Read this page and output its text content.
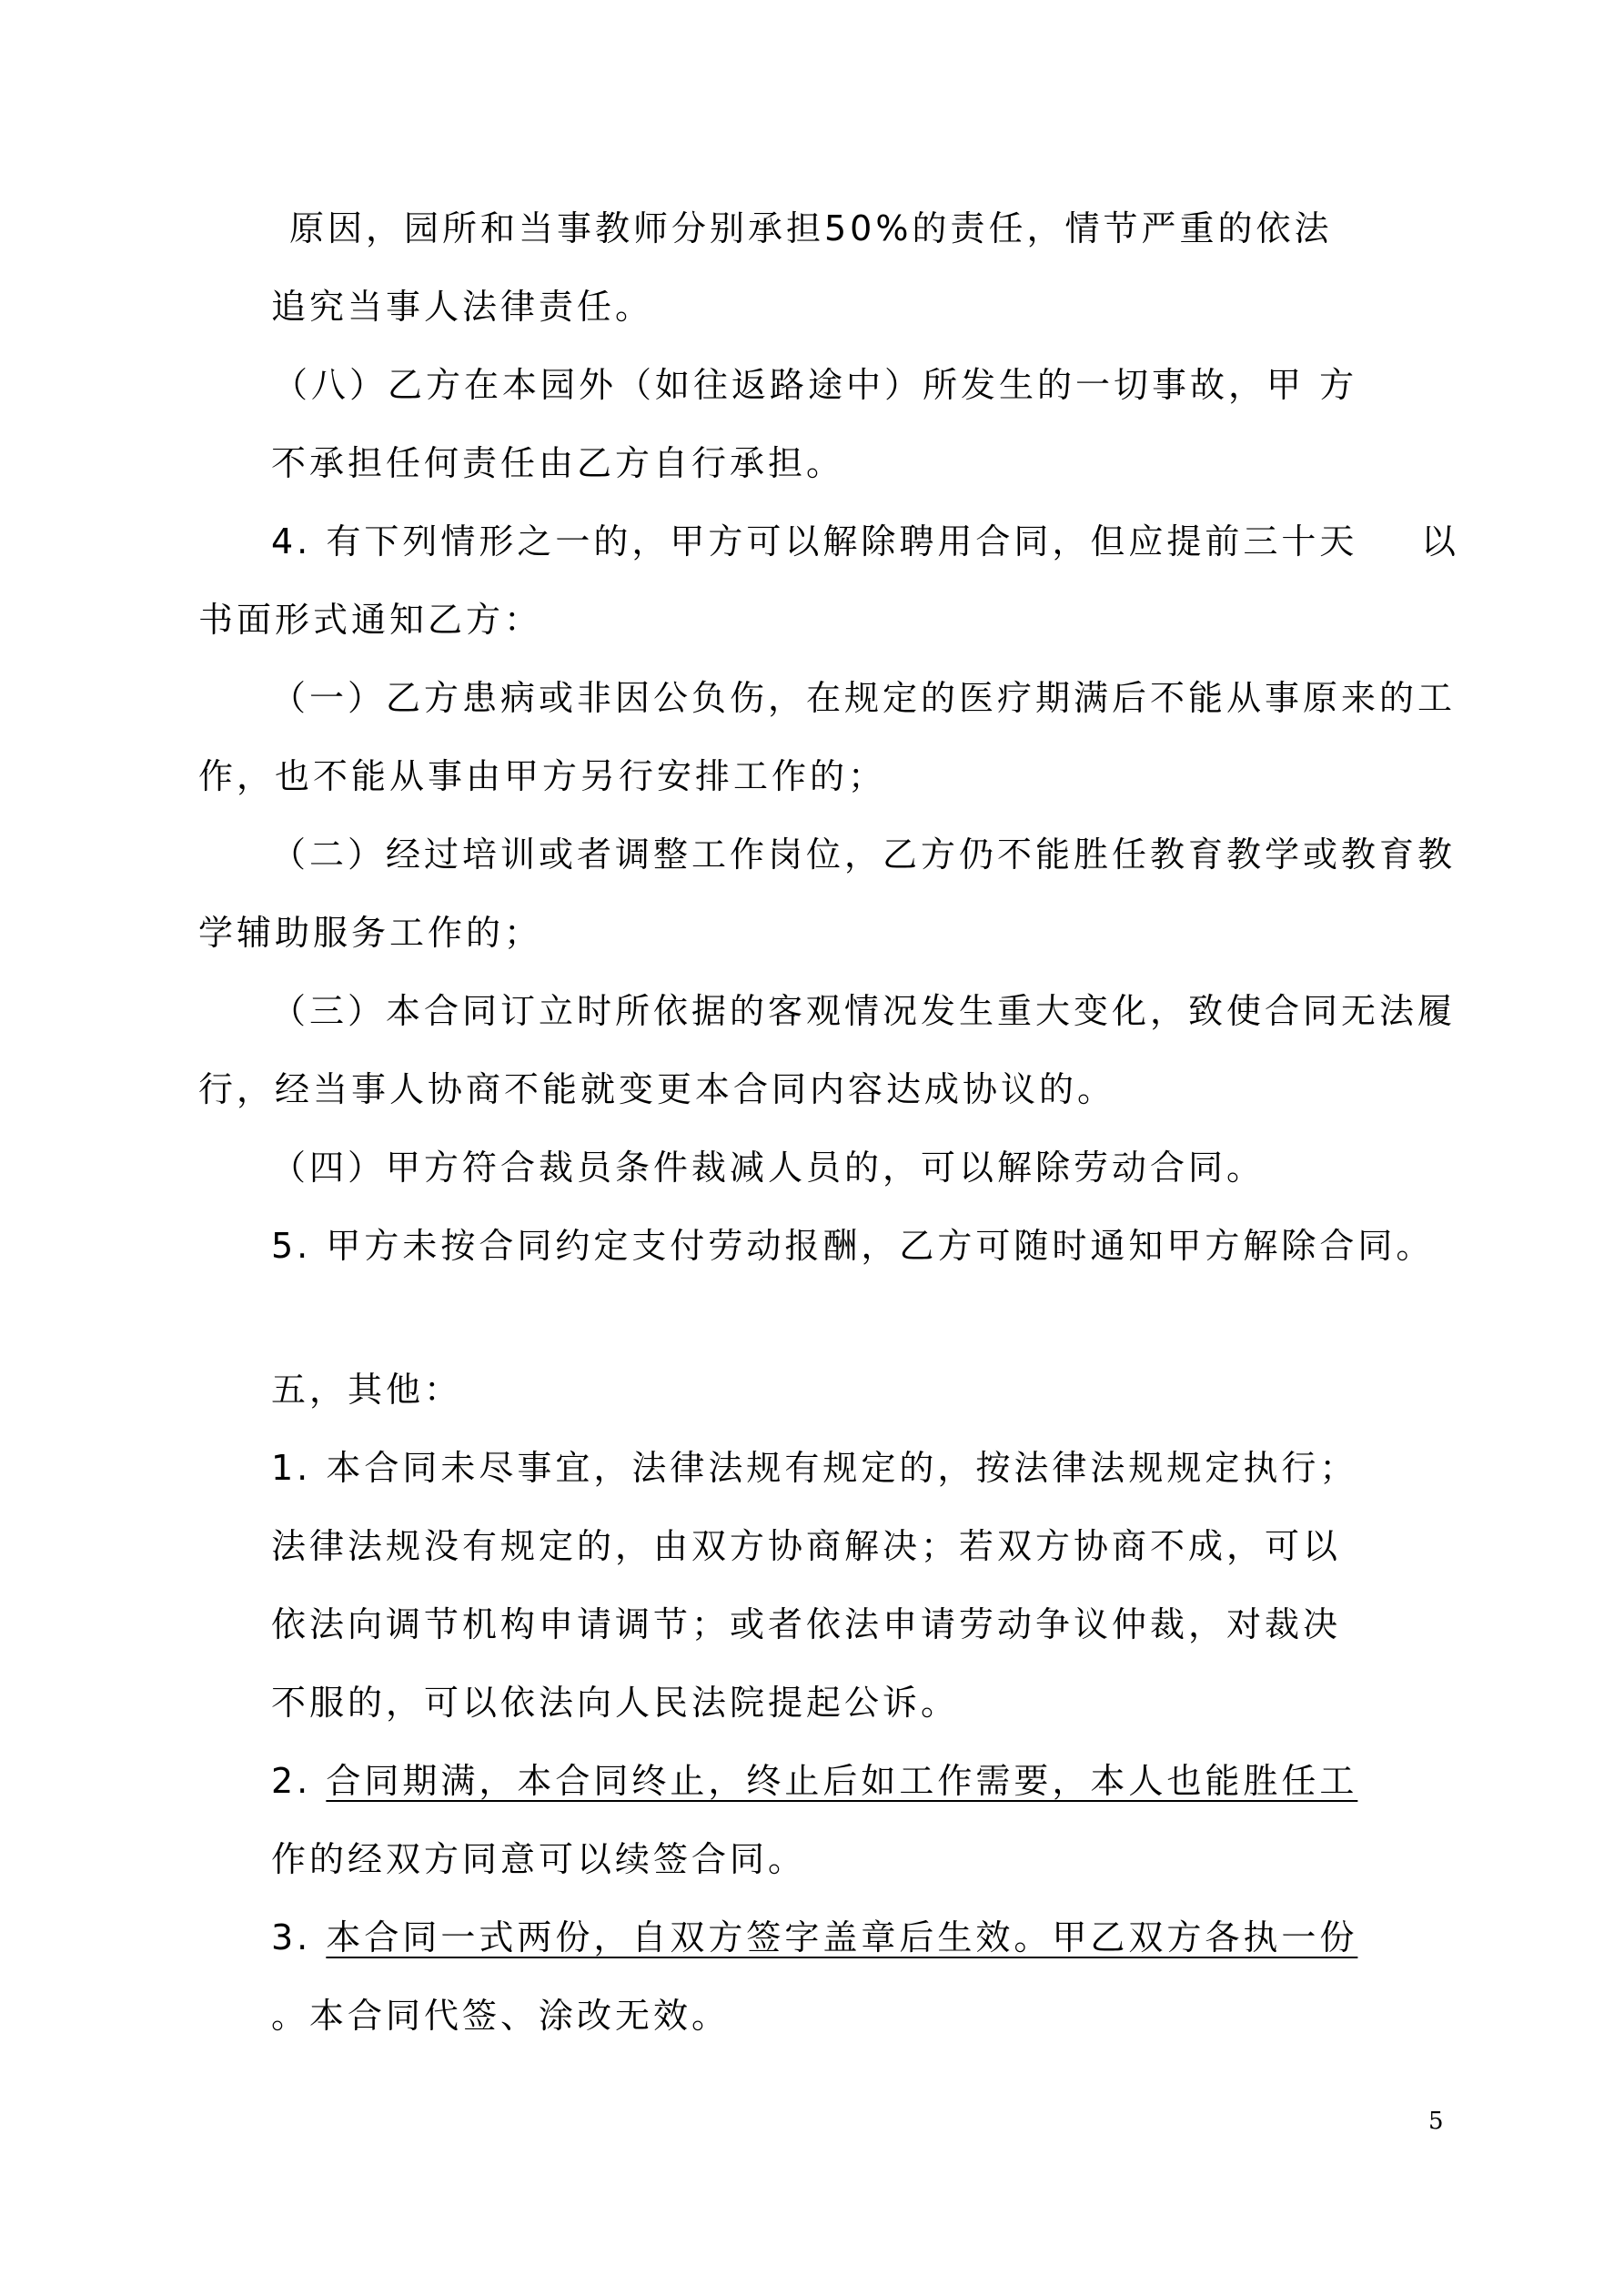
原因，园所和当事教师分别承担50%的责任，情节严重的依法
追究当事人法律责任。
（八）乙方在本园外（如往返路途中）所发生的一切事故，甲 方
不承担任何责任由乙方自行承担。
4. 有下列情形之一的，甲方可以解除聘用合同，但应提前三十天 以
书面形式通知乙方：
（一）乙方患病或非因公负伤，在规定的医疗期满后不能从事原来的工
作，也不能从事由甲方另行安排工作的；
（二）经过培训或者调整工作岗位，乙方仍不能胜任教育教学或教育教
学辅助服务工作的；
（三）本合同订立时所依据的客观情况发生重大变化，致使合同无法履
行，经当事人协商不能就变更本合同内容达成协议的。
（四）甲方符合裁员条件裁减人员的，可以解除劳动合同。
5. 甲方未按合同约定支付劳动报酬，乙方可随时通知甲方解除合同。
五，其他：
1. 本合同未尽事宜，法律法规有规定的，按法律法规规定执行；
法律法规没有规定的，由双方协商解决；若双方协商不成，可以
依法向调节机构申请调节；或者依法申请劳动争议仲裁，对裁决
不服的，可以依法向人民法院提起公诉。
2. 合同期满，本合同终止，终止后如工作需要，本人也能胜任工
作的经双方同意可以续签合同。
3. 本合同一式两份，自双方签字盖章后生效。甲乙双方各执一份
。本合同代签、涂改无效。
5
